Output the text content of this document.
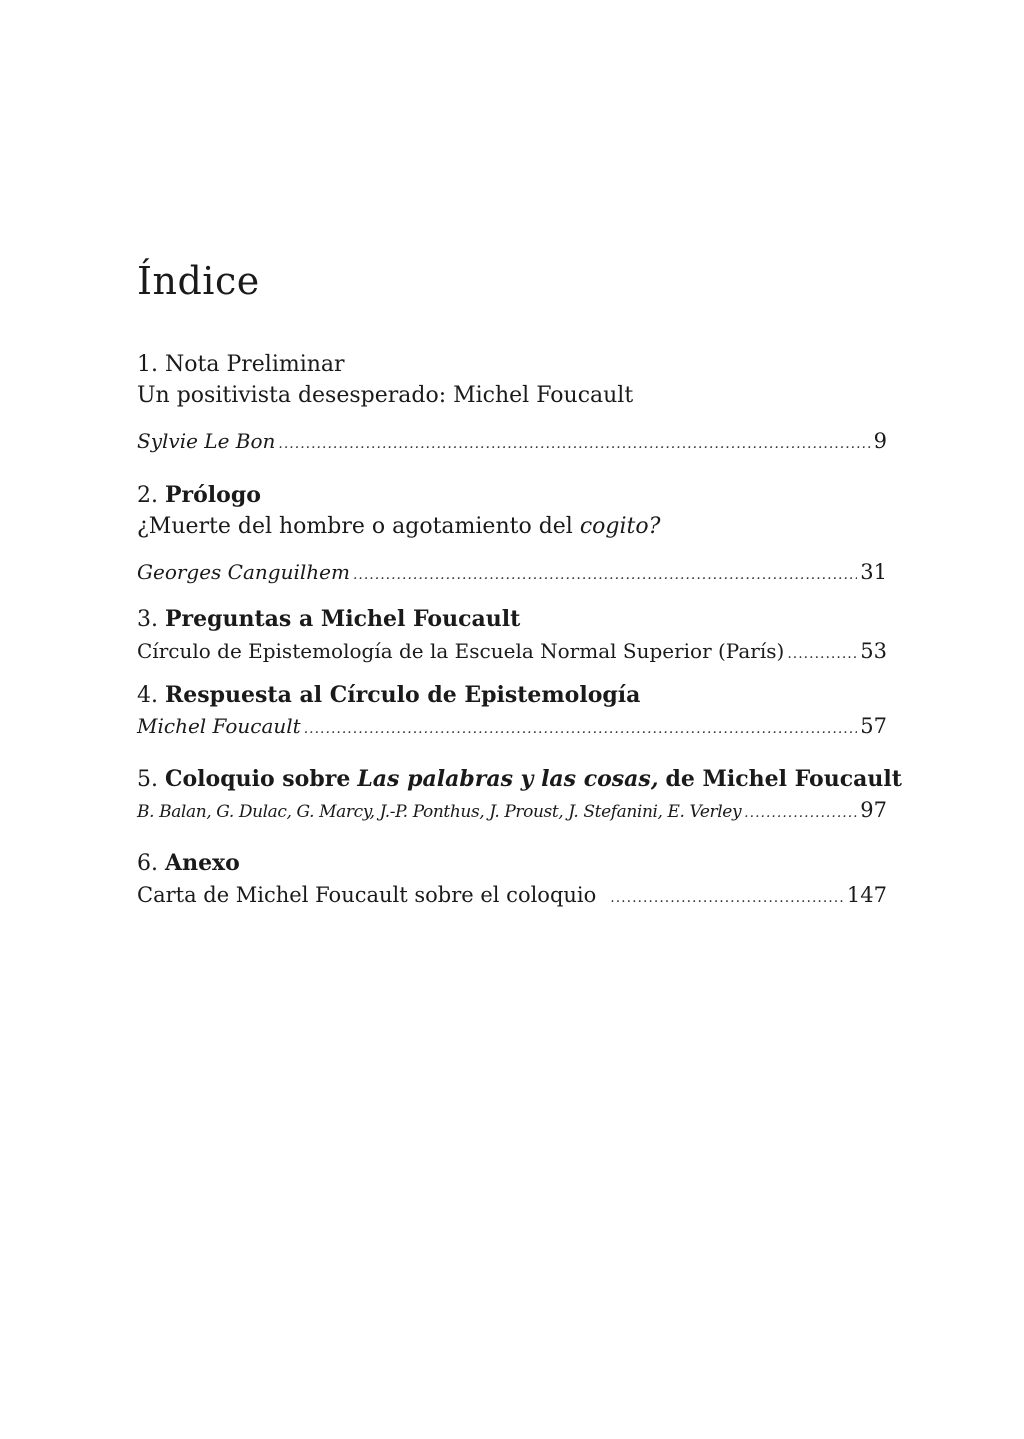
Índice
1. Nota Preliminar
Un positivista desesperado: Michel Foucault
Sylvie Le Bon .....	9
2. Prólogo
¿Muerte del hombre o agotamiento del cogito?
Georges Canguilhem .....	31
3. Preguntas a Michel Foucault
Círculo de Epistemología de la Escuela Normal Superior (París) .....	53
4. Respuesta al Círculo de Epistemología
Michel Foucault .....	57
5. Coloquio sobre Las palabras y las cosas, de Michel Foucault
B. Balan, G. Dulac, G. Marcy, J.-P. Ponthus, J. Proust, J. Stefanini, E. Verley .....	97
6. Anexo
Carta de Michel Foucault sobre el coloquio .....	147
